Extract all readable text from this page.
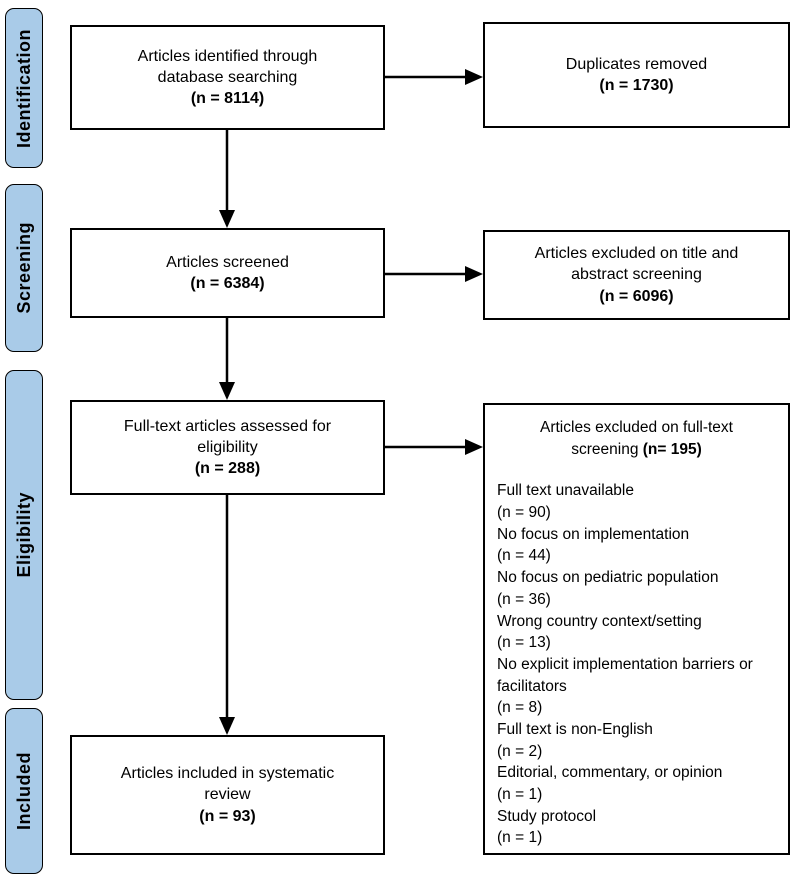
Identification
Screening
Eligibility
Included
Articles identified through
database searching
(n = 8114)
Duplicates removed
(n = 1730)
Articles screened
(n = 6384)
Articles excluded on title and
abstract screening
(n = 6096)
Full-text articles assessed for
eligibility
(n = 288)
Articles excluded on full-text
screening (n= 195)
Full text unavailable
(n = 90)
No focus on implementation
(n = 44)
No focus on pediatric population
(n = 36)
Wrong country context/setting
(n = 13)
No explicit implementation barriers or facilitators
(n = 8)
Full text is non-English
(n = 2)
Editorial, commentary, or opinion
(n = 1)
Study protocol
(n = 1)
Articles included in systematic
review
(n = 93)
